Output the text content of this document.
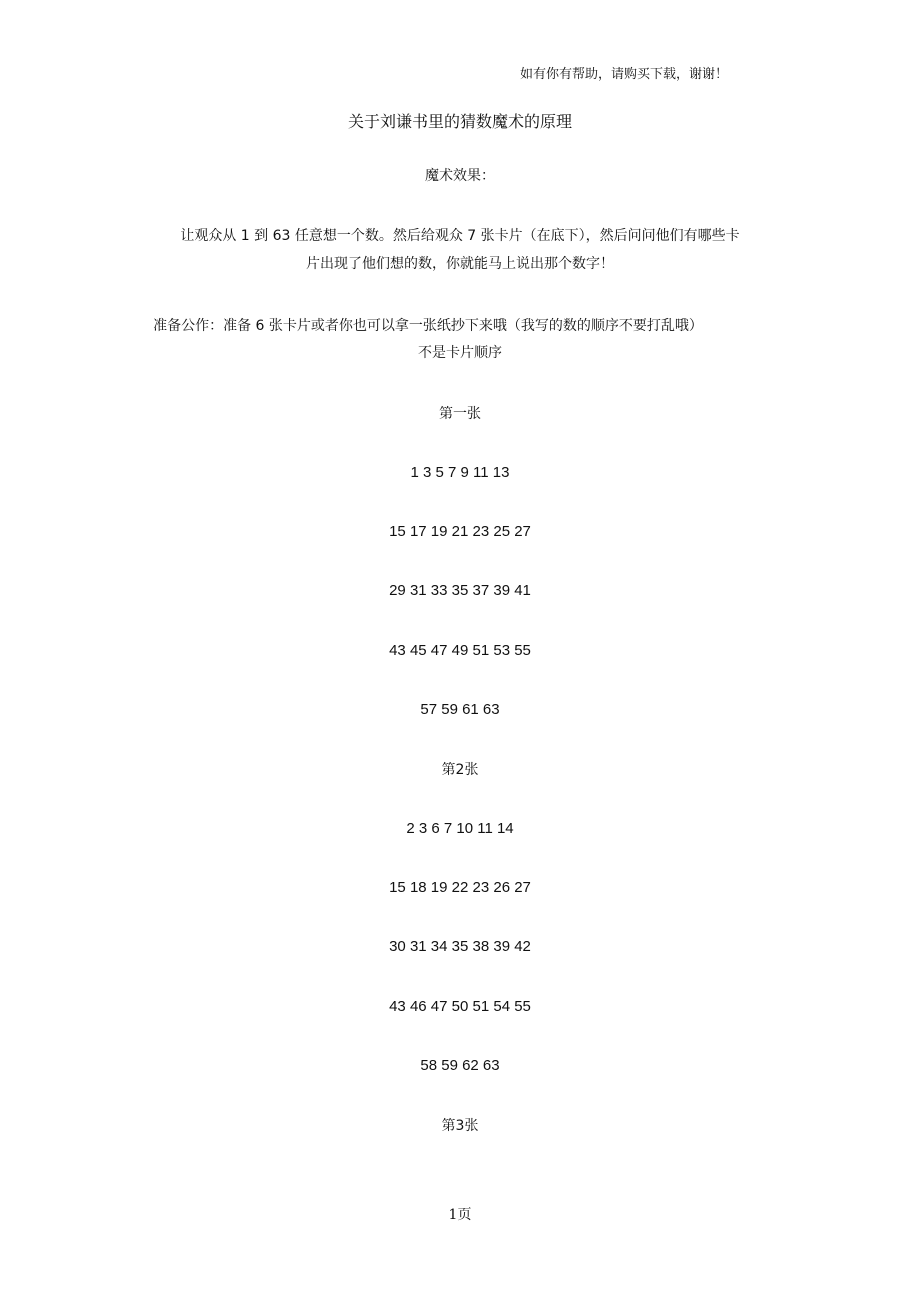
如有你有帮助，请购买下载，谢谢！
关于刘谦书里的猜数魔术的原理
魔术效果：
让观众从 1 到 63 任意想一个数。然后给观众 7 张卡片（在底下），然后问问他们有哪些卡
片出现了他们想的数，你就能马上说出那个数字！
准备公作：准备 6 张卡片或者你也可以拿一张纸抄下来哦（我写的数的顺序不要打乱哦）
不是卡片顺序
第一张
1 3 5 7 9 11 13
15 17 19 21 23 25 27
29 31 33 35 37 39 41
43 45 47 49 51 53 55
57 59 61 63
第2张
2 3 6 7 10 11 14
15 18 19 22 23 26 27
30 31 34 35 38 39 42
43 46 47 50 51 54 55
58 59 62 63
第3张
1页
